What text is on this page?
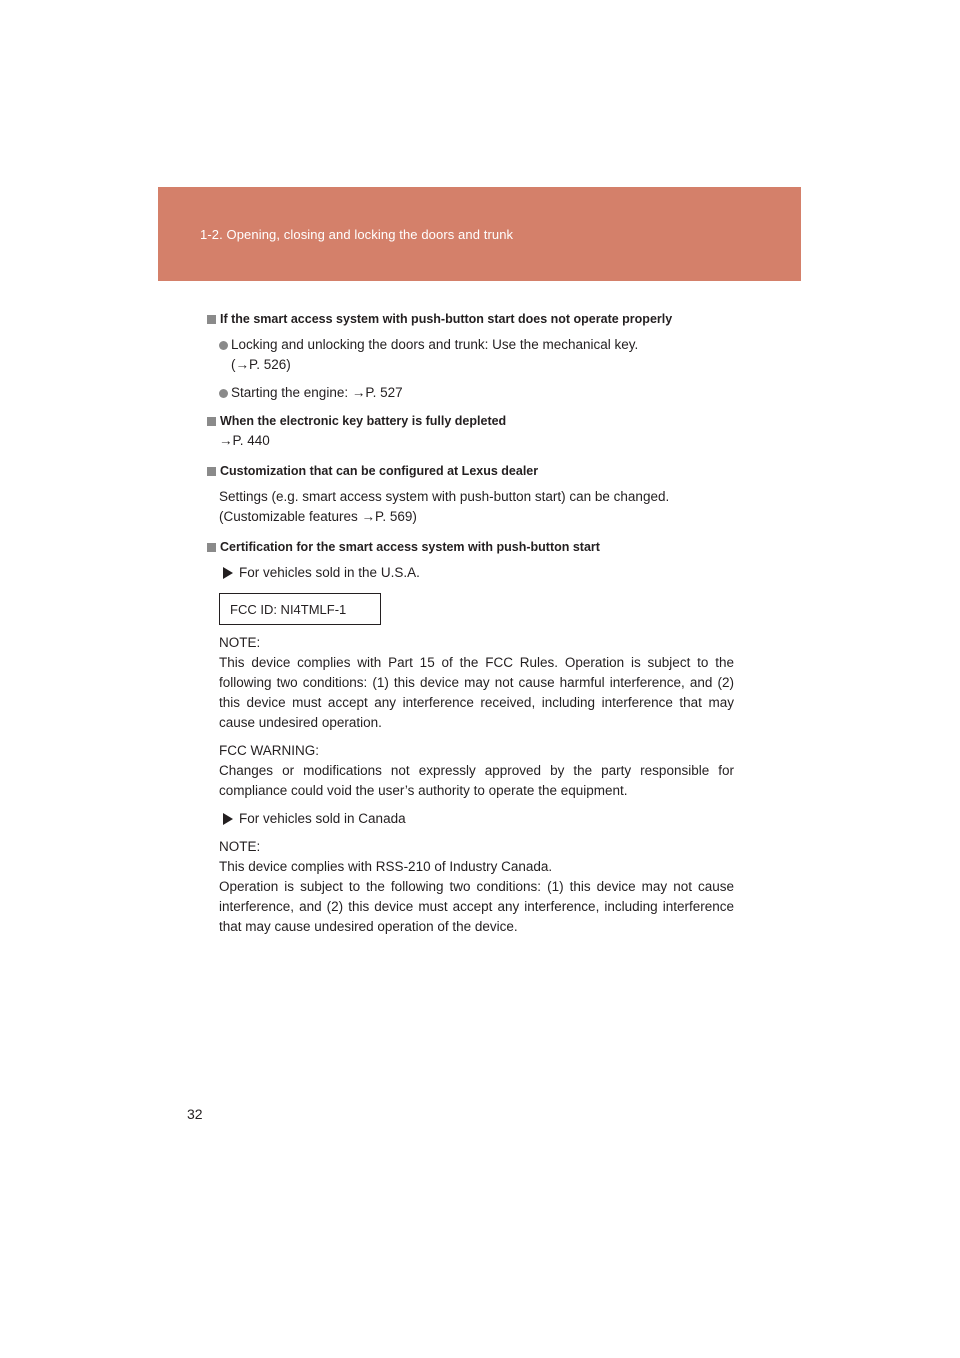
1-2. Opening, closing and locking the doors and trunk
If the smart access system with push-button start does not operate properly
Locking and unlocking the doors and trunk: Use the mechanical key.
(→P. 526)
Starting the engine: →P. 527
When the electronic key battery is fully depleted
→P. 440
Customization that can be configured at Lexus dealer
Settings (e.g. smart access system with push-button start) can be changed.
(Customizable features →P. 569)
Certification for the smart access system with push-button start
For vehicles sold in the U.S.A.
FCC ID: NI4TMLF-1
NOTE:
This device complies with Part 15 of the FCC Rules. Operation is subject to the following two conditions: (1) this device may not cause harmful interference, and (2) this device must accept any interference received, including interference that may cause undesired operation.
FCC WARNING:
Changes or modifications not expressly approved by the party responsible for compliance could void the user’s authority to operate the equipment.
For vehicles sold in Canada
NOTE:
This device complies with RSS-210 of Industry Canada.
Operation is subject to the following two conditions: (1) this device may not cause interference, and (2) this device must accept any interference, including interference that may cause undesired operation of the device.
32
